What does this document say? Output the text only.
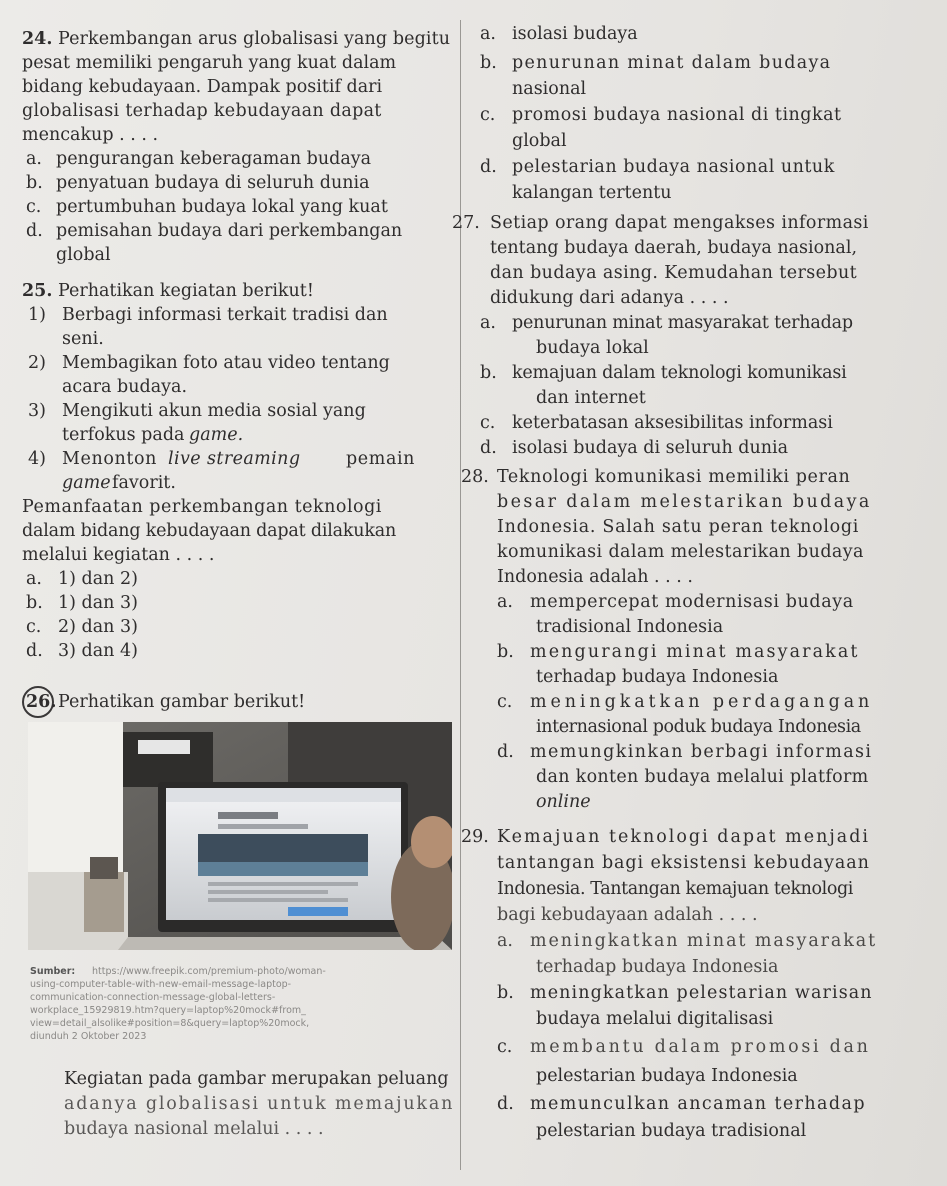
24. Perkembangan arus globalisasi yang begitu
pesat memiliki pengaruh yang kuat dalam
bidang kebudayaan. Dampak positif dari
globalisasi terhadap kebudayaan dapat
mencakup . . . .
a. pengurangan keberagaman budaya
b. penyatuan budaya di seluruh dunia
c. pertumbuhan budaya lokal yang kuat
d. pemisahan budaya dari perkembangan
global
25. Perhatikan kegiatan berikut!
1) Berbagi informasi terkait tradisi dan
seni.
2) Membagikan foto atau video tentang
acara budaya.
3) Mengikuti akun media sosial yang
terfokus pada game.
4) Menonton live streaming	pemain
game favorit.
Pemanfaatan perkembangan teknologi
dalam bidang kebudayaan dapat dilakukan
melalui kegiatan . . . .
a. 1) dan 2)
b. 1) dan 3)
c. 2) dan 3)
d. 3) dan 4)
26. Perhatikan gambar berikut!
Sumber: https://www.freepik.com/premium-photo/woman-
using-computer-table-with-new-email-message-laptop-
communication-connection-message-global-letters-
workplace_15929819.htm?query=laptop%20mock#from_
view=detail_alsolike#position=8&query=laptop%20mock,
diunduh 2 Oktober 2023
Kegiatan pada gambar merupakan peluang
adanya globalisasi untuk memajukan
budaya nasional melalui . . . .
a. isolasi budaya
b. penurunan minat dalam budaya
nasional
c. promosi budaya nasional di tingkat
global
d. pelestarian budaya nasional untuk
kalangan tertentu
27. Setiap orang dapat mengakses informasi
tentang budaya daerah, budaya nasional,
dan budaya asing. Kemudahan tersebut
didukung dari adanya . . . .
a. penurunan minat masyarakat terhadap
budaya lokal
b. kemajuan dalam teknologi komunikasi
dan internet
c. keterbatasan aksesibilitas informasi
d. isolasi budaya di seluruh dunia
28. Teknologi komunikasi memiliki peran
besar dalam melestarikan budaya
Indonesia. Salah satu peran teknologi
komunikasi dalam melestarikan budaya
Indonesia adalah . . . .
a. mempercepat modernisasi budaya
tradisional Indonesia
b. mengurangi minat masyarakat
terhadap budaya Indonesia
c. meningkatkan perdagangan
internasional poduk budaya Indonesia
d. memungkinkan berbagi informasi
dan konten budaya melalui platform
online
29. Kemajuan teknologi dapat menjadi
tantangan bagi eksistensi kebudayaan
Indonesia. Tantangan kemajuan teknologi
bagi kebudayaan adalah . . . .
a. meningkatkan minat masyarakat
terhadap budaya Indonesia
b. meningkatkan pelestarian warisan
budaya melalui digitalisasi
c. membantu dalam promosi dan
pelestarian budaya Indonesia
d. memunculkan ancaman terhadap
pelestarian budaya tradisional
